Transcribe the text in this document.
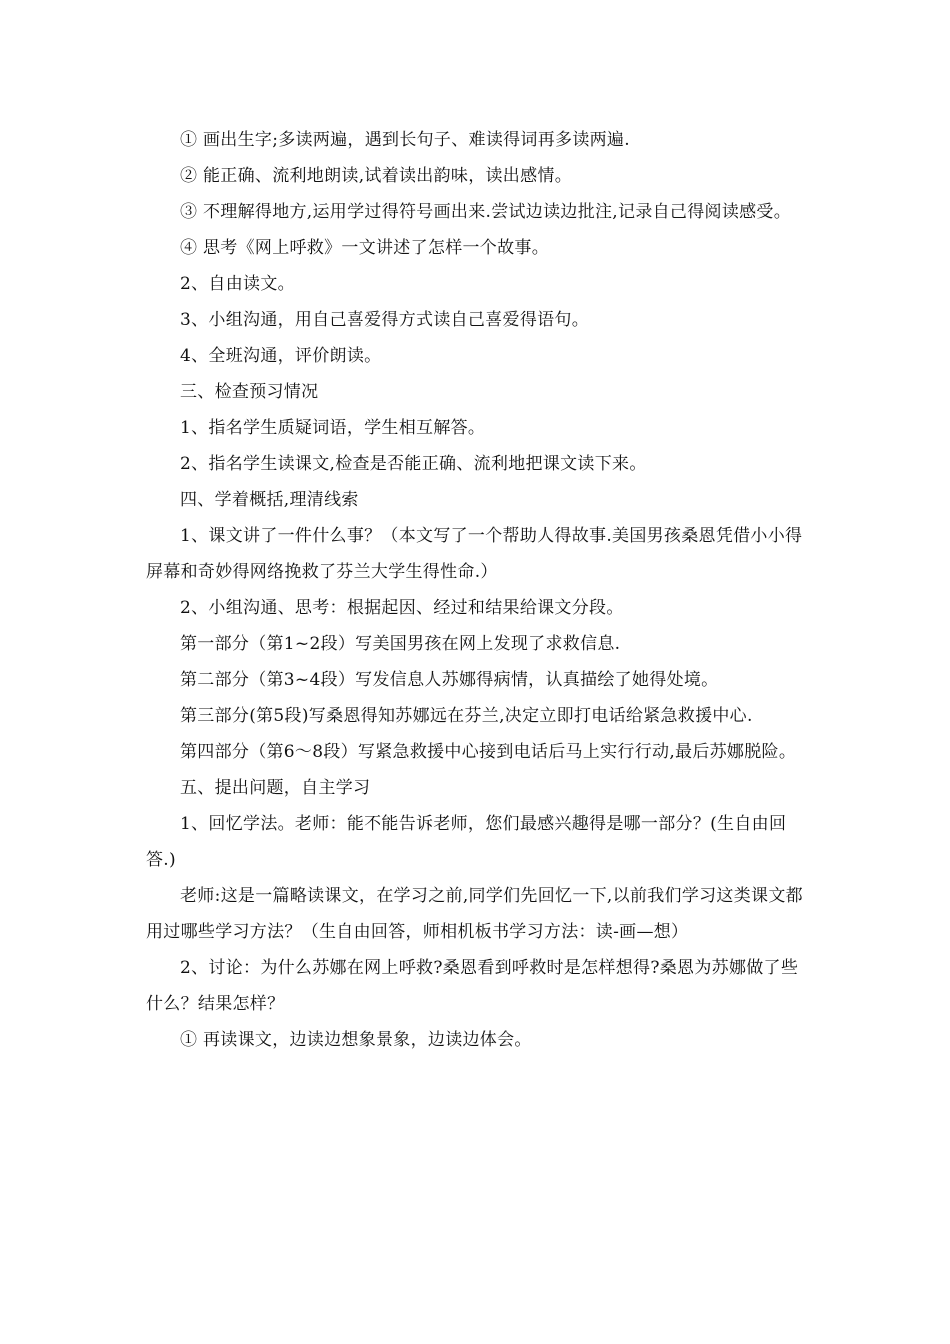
① 画出生字;多读两遍，遇到长句子、难读得词再多读两遍.

② 能正确、流利地朗读,试着读出韵味，读出感情。

③ 不理解得地方,运用学过得符号画出来.尝试边读边批注,记录自己得阅读感受。

④ 思考《网上呼救》一文讲述了怎样一个故事。

2、自由读文。

3、小组沟通，用自己喜爱得方式读自己喜爱得语句。

4、全班沟通，评价朗读。

三、检查预习情况

1、指名学生质疑词语，学生相互解答。

2、指名学生读课文,检查是否能正确、流利地把课文读下来。

四、学着概括,理清线索

1、课文讲了一件什么事？（本文写了一个帮助人得故事.美国男孩桑恩凭借小小得屏幕和奇妙得网络挽救了芬兰大学生得性命.）

2、小组沟通、思考：根据起因、经过和结果给课文分段。

第一部分（第1~2段）写美国男孩在网上发现了求救信息.

第二部分（第3~4段）写发信息人苏娜得病情，认真描绘了她得处境。

第三部分(第5段)写桑恩得知苏娜远在芬兰,决定立即打电话给紧急救援中心.

第四部分（第6～8段）写紧急救援中心接到电话后马上实行行动,最后苏娜脱险。

五、提出问题，自主学习

1、回忆学法。老师：能不能告诉老师，您们最感兴趣得是哪一部分？(生自由回答.)

老师:这是一篇略读课文，在学习之前,同学们先回忆一下,以前我们学习这类课文都用过哪些学习方法？（生自由回答，师相机板书学习方法：读-画—想）

2、讨论：为什么苏娜在网上呼救?桑恩看到呼救时是怎样想得?桑恩为苏娜做了些什么？结果怎样？

① 再读课文，边读边想象景象，边读边体会。
